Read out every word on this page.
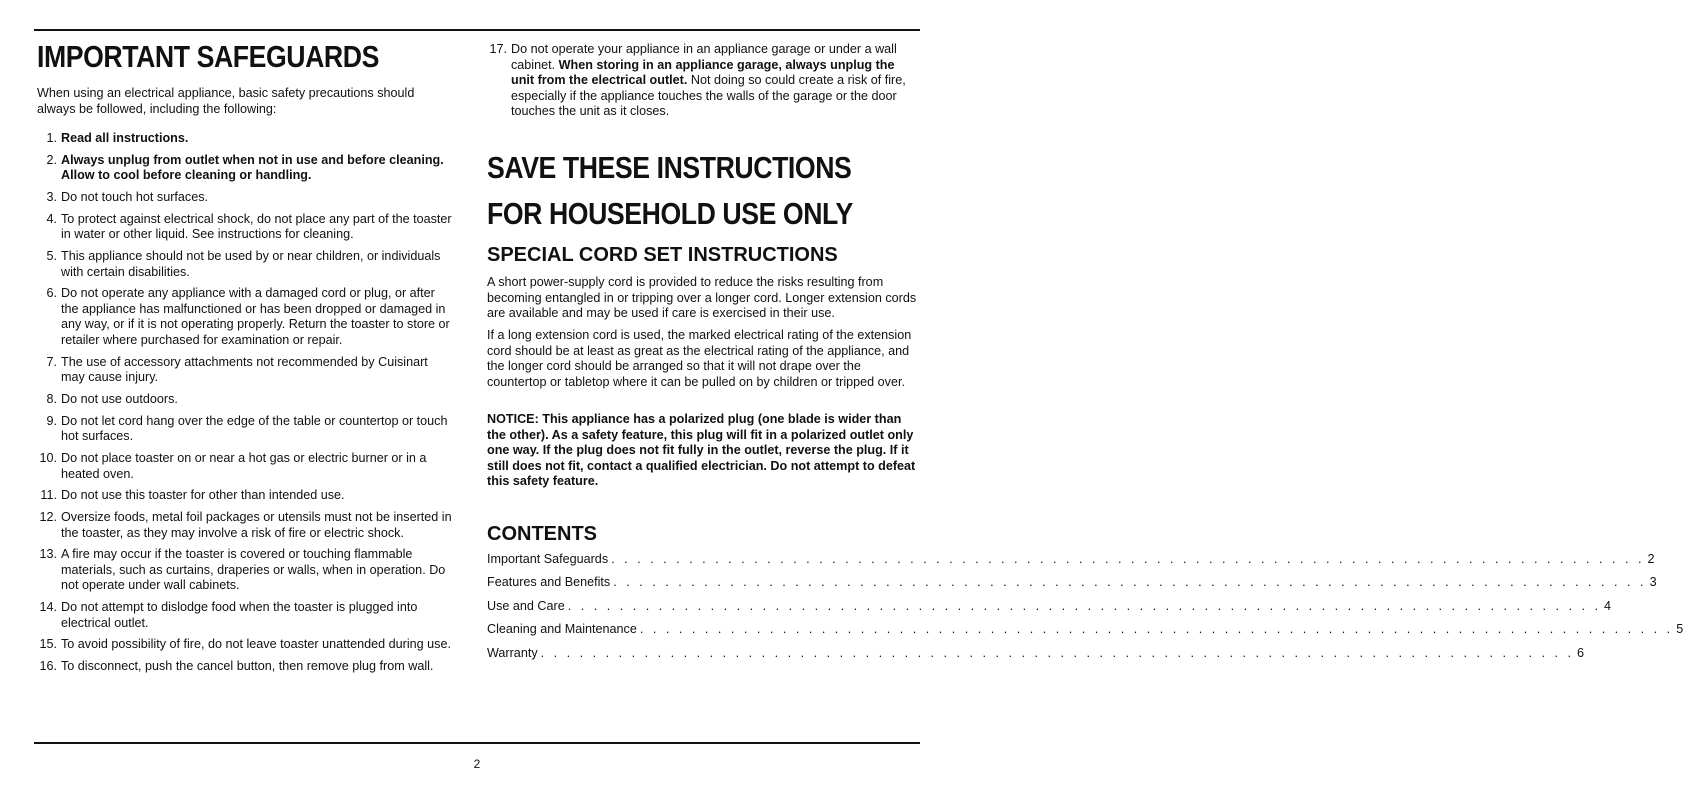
IMPORTANT SAFEGUARDS

When using an electrical appliance, basic safety precautions should always be followed, including the following:

1. Read all instructions.
2. Always unplug from outlet when not in use and before cleaning. Allow to cool before cleaning or handling.
3. Do not touch hot surfaces.
4. To protect against electrical shock, do not place any part of the toaster in water or other liquid. See instructions for cleaning.
5. This appliance should not be used by or near children, or individuals with certain disabilities.
6. Do not operate any appliance with a damaged cord or plug, or after the appliance has malfunctioned or has been dropped or damaged in any way, or if it is not operating properly. Return the toaster to store or retailer where purchased for examination or repair.
7. The use of accessory attachments not recommended by Cuisinart may cause injury.
8. Do not use outdoors.
9. Do not let cord hang over the edge of the table or countertop or touch hot surfaces.
10. Do not place toaster on or near a hot gas or electric burner or in a heated oven.
11. Do not use this toaster for other than intended use.
12. Oversize foods, metal foil packages or utensils must not be inserted in the toaster, as they may involve a risk of fire or electric shock.
13. A fire may occur if the toaster is covered or touching flammable materials, such as curtains, draperies or walls, when in operation. Do not operate under wall cabinets.
14. Do not attempt to dislodge food when the toaster is plugged into electrical outlet.
15. To avoid possibility of fire, do not leave toaster unattended during use.
16. To disconnect, push the cancel button, then remove plug from wall.
17. Do not operate your appliance in an appliance garage or under a wall cabinet. When storing in an appliance garage, always unplug the unit from the electrical outlet. Not doing so could create a risk of fire, especially if the appliance touches the walls of the garage or the door touches the unit as it closes.
SAVE THESE INSTRUCTIONS
FOR HOUSEHOLD USE ONLY
SPECIAL CORD SET INSTRUCTIONS

A short power-supply cord is provided to reduce the risks resulting from becoming entangled in or tripping over a longer cord. Longer extension cords are available and may be used if care is exercised in their use.

If a long extension cord is used, the marked electrical rating of the extension cord should be at least as great as the electrical rating of the appliance, and the longer cord should be arranged so that it will not drape over the countertop or tabletop where it can be pulled on by children or tripped over.

NOTICE: This appliance has a polarized plug (one blade is wider than the other). As a safety feature, this plug will fit in a polarized outlet only one way. If the plug does not fit fully in the outlet, reverse the plug. If it still does not fit, contact a qualified electrician. Do not attempt to defeat this safety feature.

CONTENTS
Important Safeguards . . . . . . . . . . . . . . . . . . . . . . . . . . . . . . . . . . . . . . . . . . . . . . . . . . . . . . . . . . . . . . . . . . . . . . . . . . . . . . . . 2
Features and Benefits . . . . . . . . . . . . . . . . . . . . . . . . . . . . . . . . . . . . . . . . . . . . . . . . . . . . . . . . . . . . . . . . . . . . . . . . . . . . . . . . 3
Use and Care . . . . . . . . . . . . . . . . . . . . . . . . . . . . . . . . . . . . . . . . . . . . . . . . . . . . . . . . . . . . . . . . . . . . . . . . . . . . . . . . 4
Cleaning and Maintenance . . . . . . . . . . . . . . . . . . . . . . . . . . . . . . . . . . . . . . . . . . . . . . . . . . . . . . . . . . . . . . . . . . . . . . . . . . . . . . . . 5
Warranty . . . . . . . . . . . . . . . . . . . . . . . . . . . . . . . . . . . . . . . . . . . . . . . . . . . . . . . . . . . . . . . . . . . . . . . . . . . . . . . . 6
2
